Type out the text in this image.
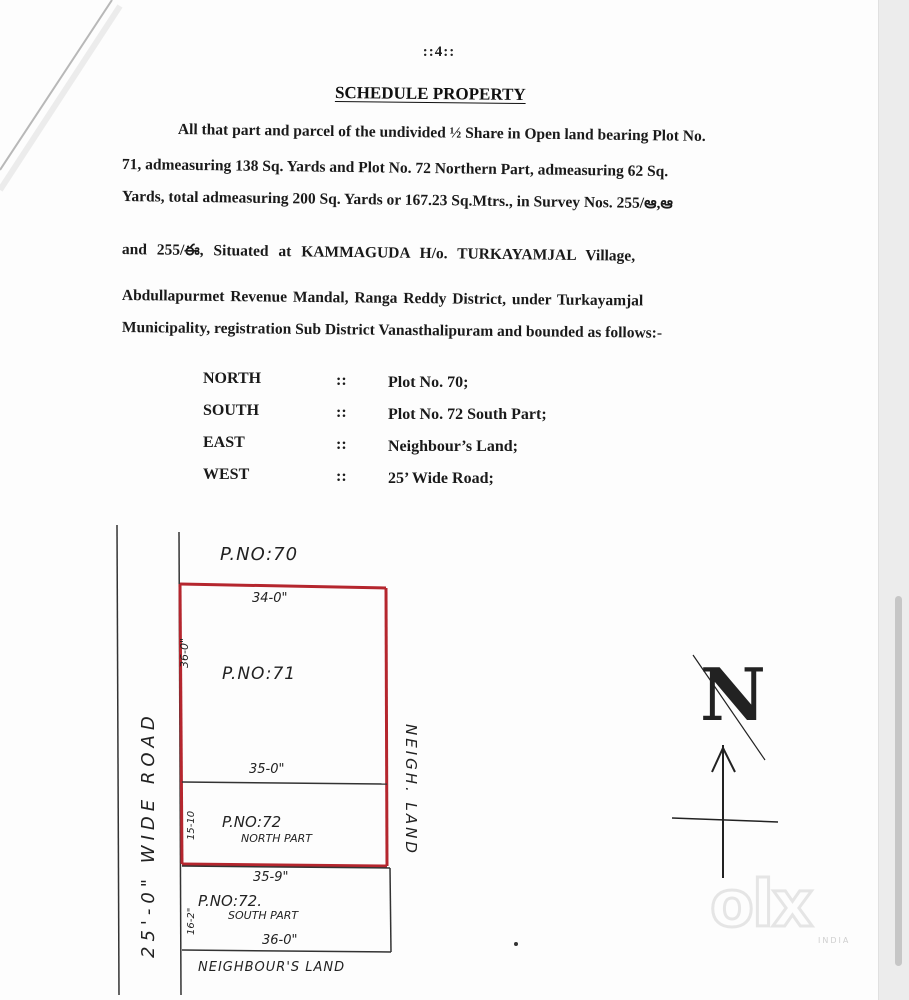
::4::
SCHEDULE PROPERTY
All that part and parcel of the undivided ½ Share in Open land bearing Plot No.
71, admeasuring 138 Sq. Yards and Plot No. 72 Northern Part, admeasuring 62 Sq.
Yards, total admeasuring 200 Sq. Yards or 167.23 Sq.Mtrs., in Survey Nos. 255/ఆ,ఆ
and 255/ఈ, Situated at KAMMAGUDA H/o. TURKAYAMJAL Village,
Abdullapurmet Revenue Mandal, Ranga Reddy District, under Turkayamjal
Municipality, registration Sub District Vanasthalipuram and bounded as follows:-
NORTH	::	Plot No. 70;
SOUTH	::	Plot No. 72 South Part;
EAST	::	Neighbour’s Land;
WEST	::	25’ Wide Road;
P.NO:70
34-0"
36-0"
P.NO:71
35-0"
15-10 P.NO:72
NORTH PART
35-9"
P.NO:72.
SOUTH PART
16-2"
36-0"
25'-0" WIDE ROAD	NEIGH. LAND
NEIGHBOUR'S LAND
N
olx INDIA
